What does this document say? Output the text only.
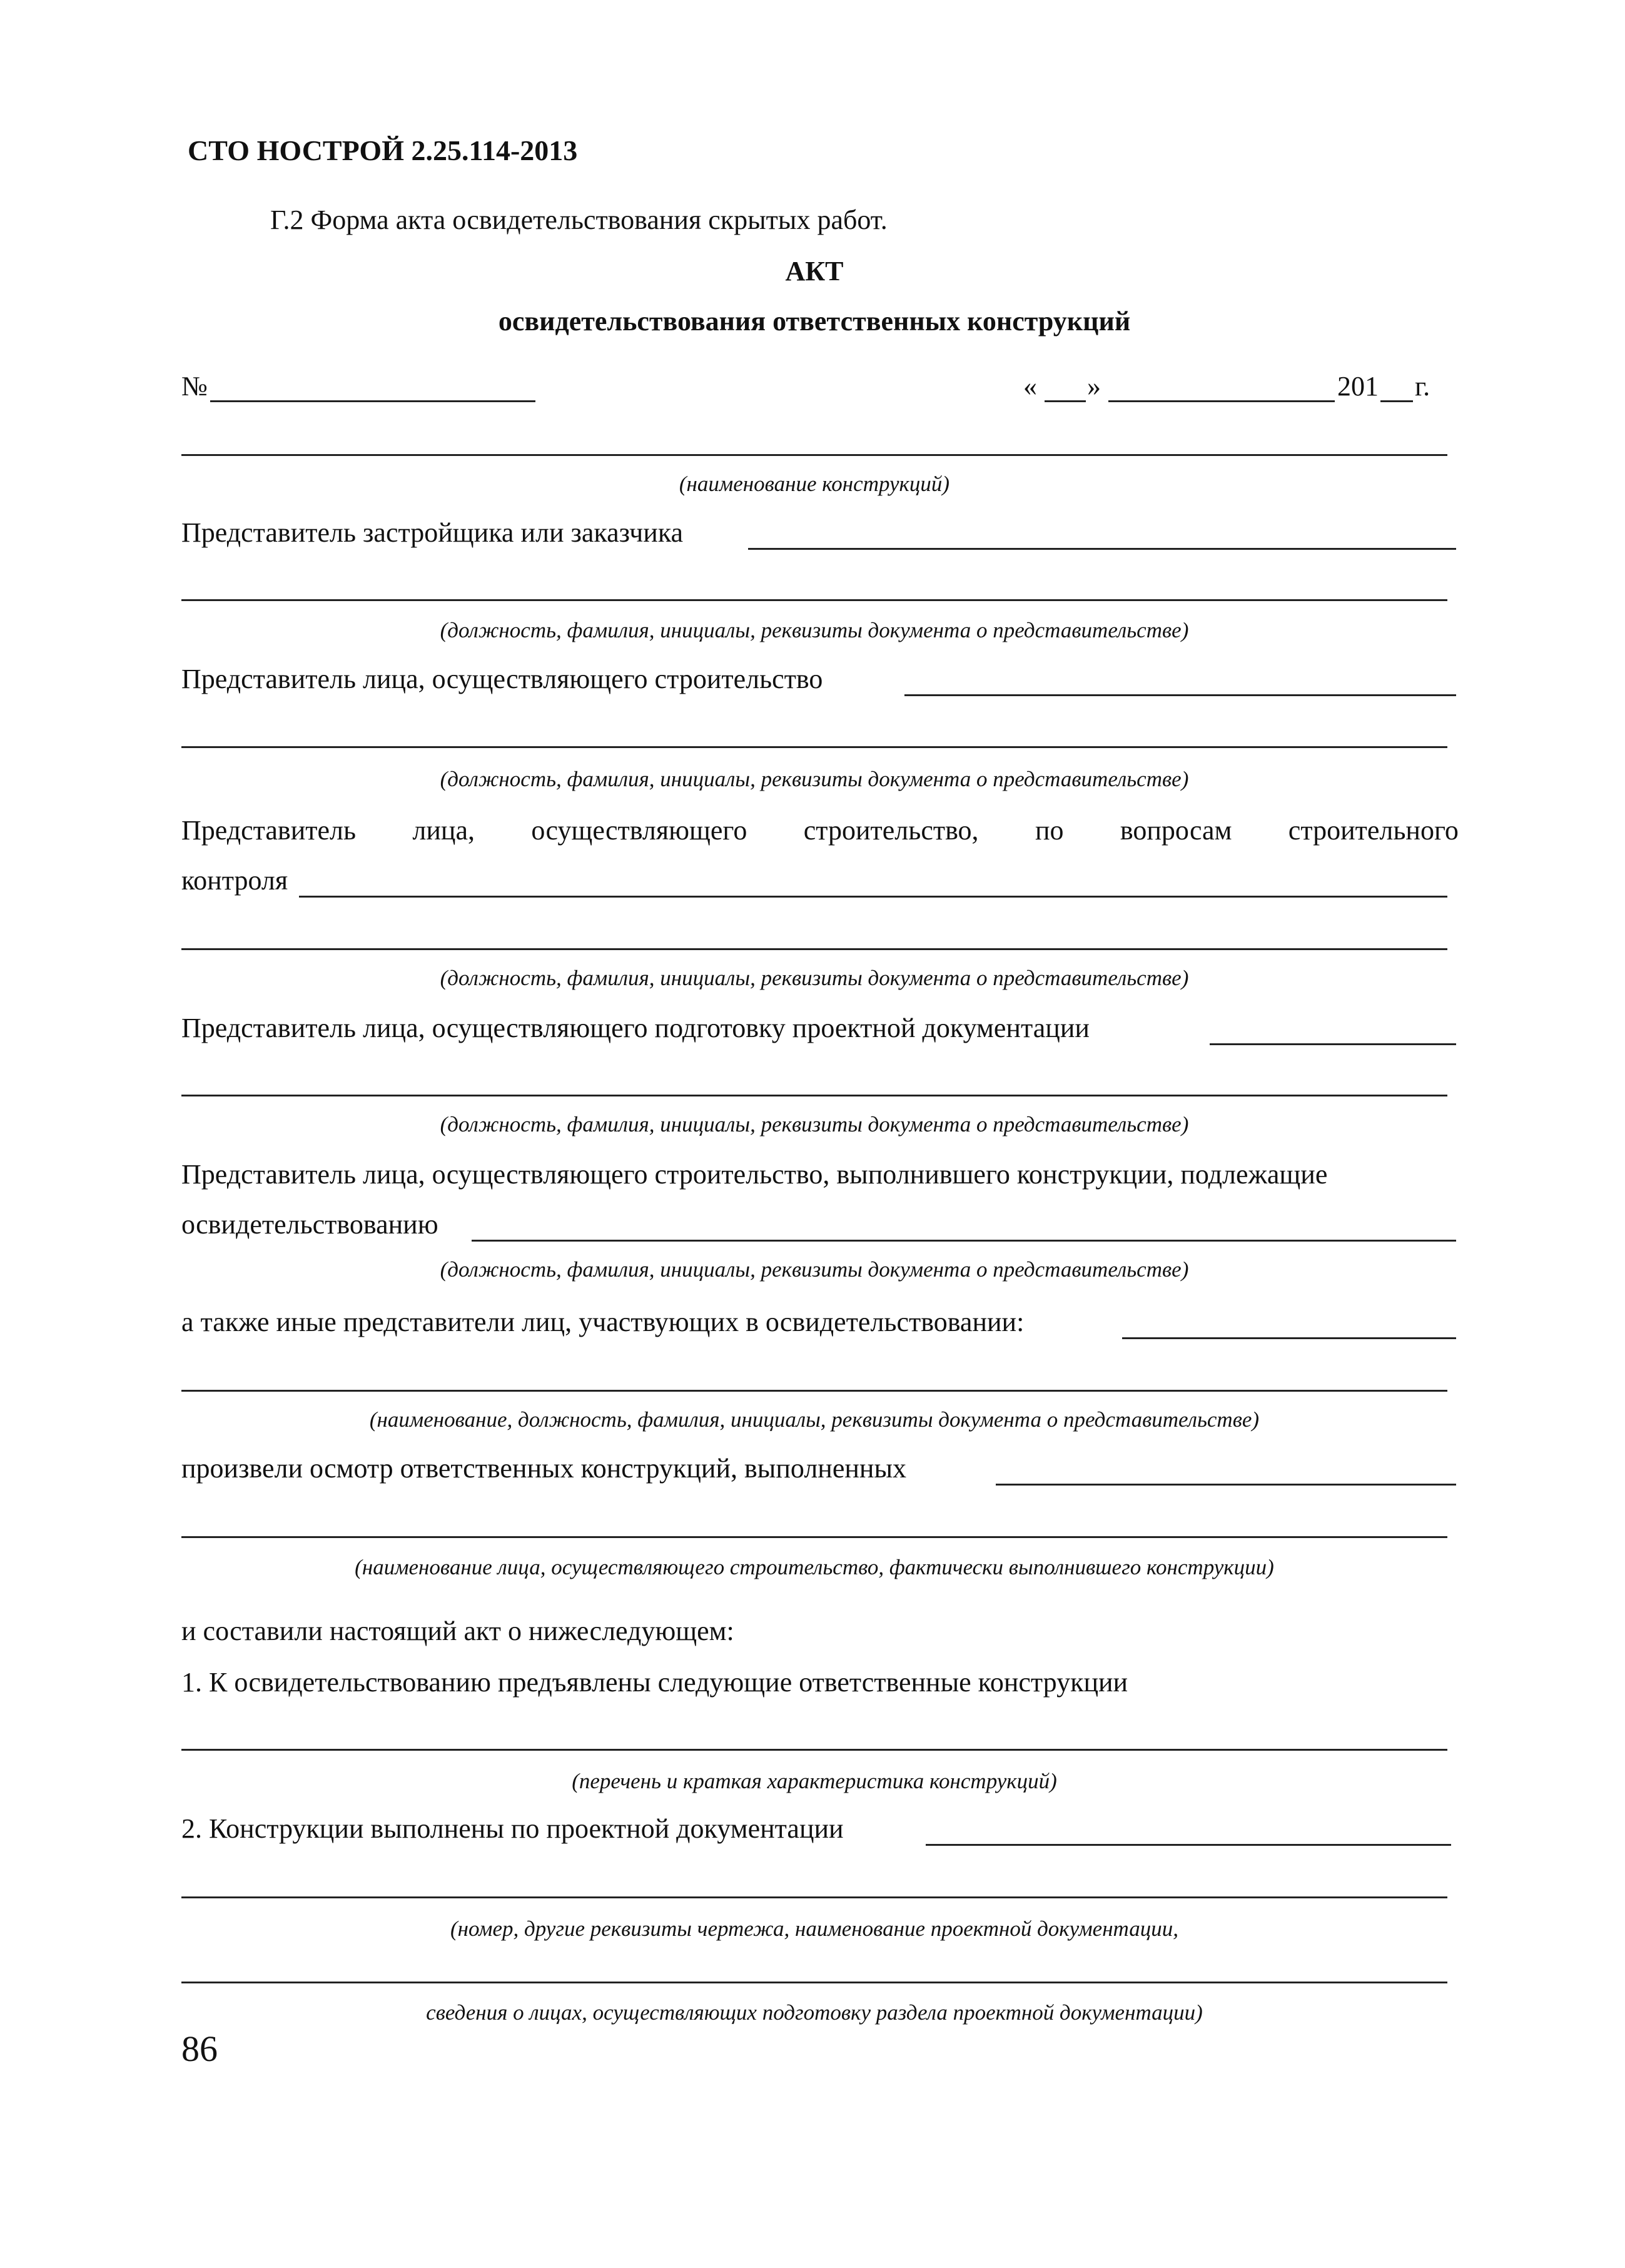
СТО НОСТРОЙ 2.25.114-2013
Г.2 Форма акта освидетельствования скрытых работ.
АКТ
освидетельствования ответственных конструкций
№	« »	201 г.
(наименование конструкций)
Представитель застройщика или заказчика
(должность, фамилия, инициалы, реквизиты документа о представительстве)
Представитель лица, осуществляющего строительство
(должность, фамилия, инициалы, реквизиты документа о представительстве)
Представитель лица, осуществляющего строительство, по вопросам строительного
контроля
(должность, фамилия, инициалы, реквизиты документа о представительстве)
Представитель лица, осуществляющего подготовку проектной документации
(должность, фамилия, инициалы, реквизиты документа о представительстве)
Представитель лица, осуществляющего строительство, выполнившего конструкции, подлежащие
освидетельствованию
(должность, фамилия, инициалы, реквизиты документа о представительстве)
а также иные представители лиц, участвующих в освидетельствовании:
(наименование, должность, фамилия, инициалы, реквизиты документа о представительстве)
произвели осмотр ответственных конструкций, выполненных
(наименование лица, осуществляющего строительство, фактически выполнившего конструкции)
и составили настоящий акт о нижеследующем:
1. К освидетельствованию предъявлены следующие ответственные конструкции
(перечень и краткая характеристика конструкций)
2. Конструкции выполнены по проектной документации
(номер, другие реквизиты чертежа, наименование проектной документации,
сведения о лицах, осуществляющих подготовку раздела проектной документации)
86
